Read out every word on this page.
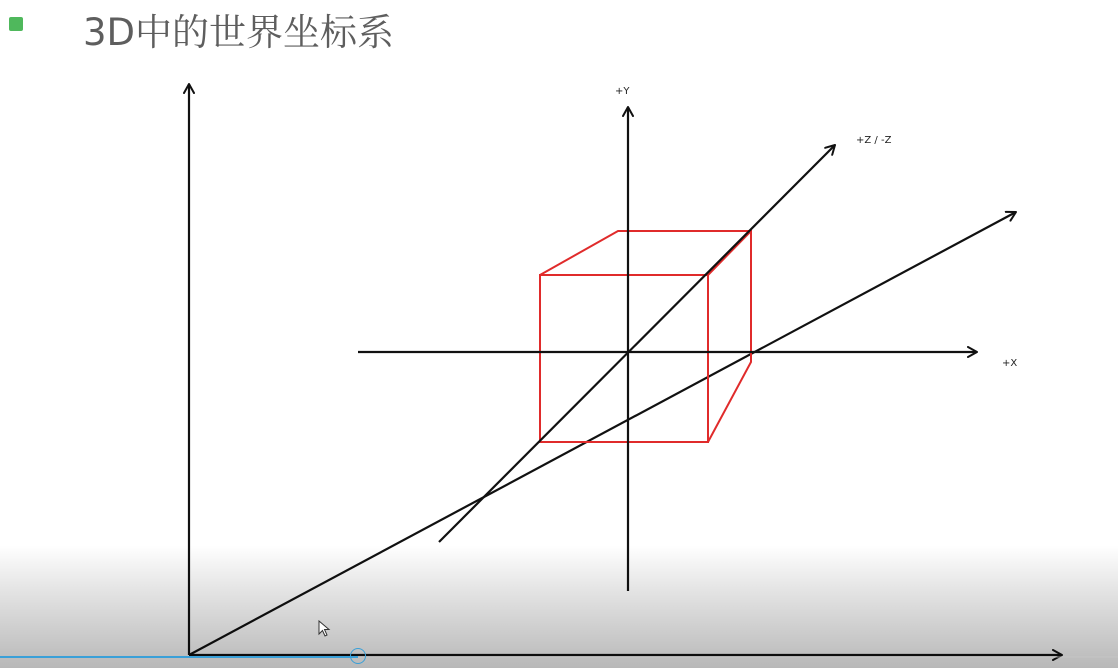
3D中的世界坐标系
+Y
+Z / -Z
+X
